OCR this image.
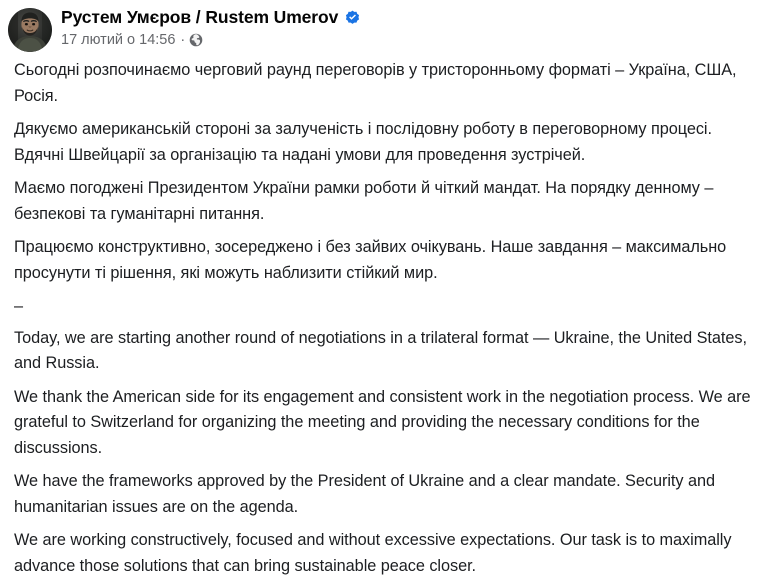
Рустем Умєров / Rustem Umerov
17 лютий о 14:56 ·

Сьогодні розпочинаємо черговий раунд переговорів у тристоронньому форматі – Україна, США, Росія.

Дякуємо американській стороні за залученість і послідовну роботу в переговорному процесі. Вдячні Швейцарії за організацію та надані умови для проведення зустрічей.

Маємо погоджені Президентом України рамки роботи й чіткий мандат. На порядку денному – безпекові та гуманітарні питання.

Працюємо конструктивно, зосереджено і без зайвих очікувань. Наше завдання – максимально просунути ті рішення, які можуть наблизити стійкий мир.

–

Today, we are starting another round of negotiations in a trilateral format — Ukraine, the United States, and Russia.

We thank the American side for its engagement and consistent work in the negotiation process. We are grateful to Switzerland for organizing the meeting and providing the necessary conditions for the discussions.

We have the frameworks approved by the President of Ukraine and a clear mandate. Security and humanitarian issues are on the agenda.

We are working constructively, focused and without excessive expectations. Our task is to maximally advance those solutions that can bring sustainable peace closer.
